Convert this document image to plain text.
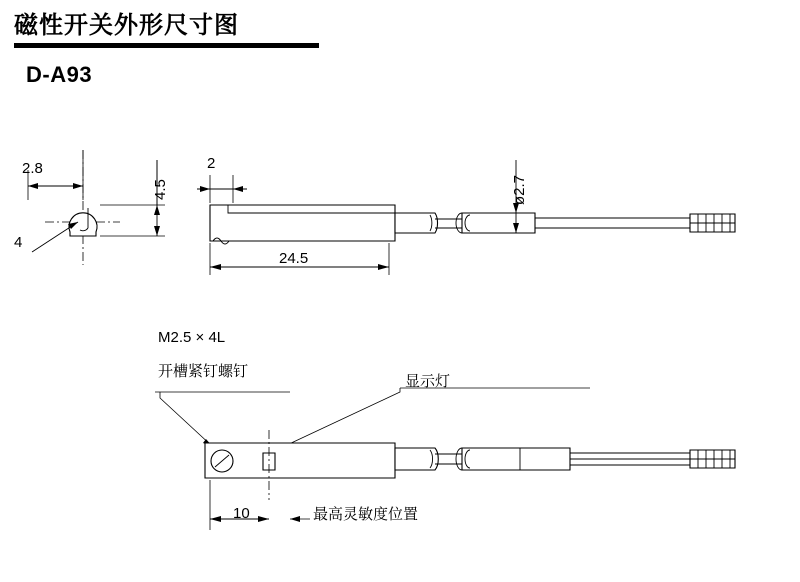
磁性开关外形尺寸图
D-A93
2.8
4.5
4
2
24.5
ø2.7
M2.5 × 4L
开槽紧钉螺钉
显示灯
10	最高灵敏度位置
